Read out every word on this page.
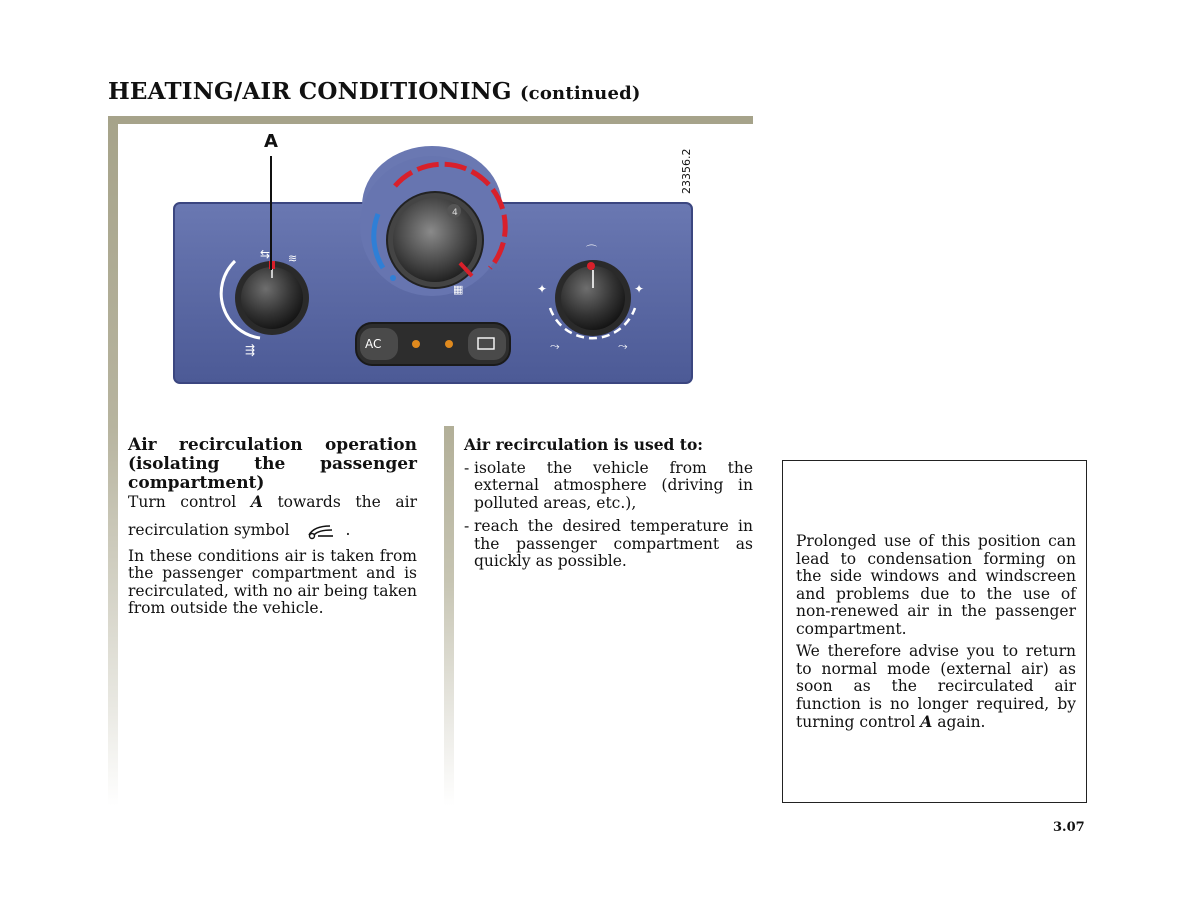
HEATING/AIR CONDITIONING (continued)
4
▦
⇆ ≋
⇶
⌒
✦	✦
⤳	⤳
AC
A
23356.2
Air recirculation operation (isolating the passenger
compartment)

Turn control A towards the air

recirculation symbol	.

In these conditions air is taken from the passenger compartment and is recirculated, with no air being taken from outside the vehicle.

Air recirculation is used to:

- isolate the vehicle from the external atmosphere (driving in polluted areas, etc.),
- reach the desired temperature in the passenger compartment as quickly as possible.

Prolonged use of this position can lead to condensation forming on the side windows and windscreen and problems due to the use of non-renewed air in the passenger compartment.

We therefore advise you to return to normal mode (external air) as soon as the recirculated air function is no longer required, by turning control A again.

3.07
